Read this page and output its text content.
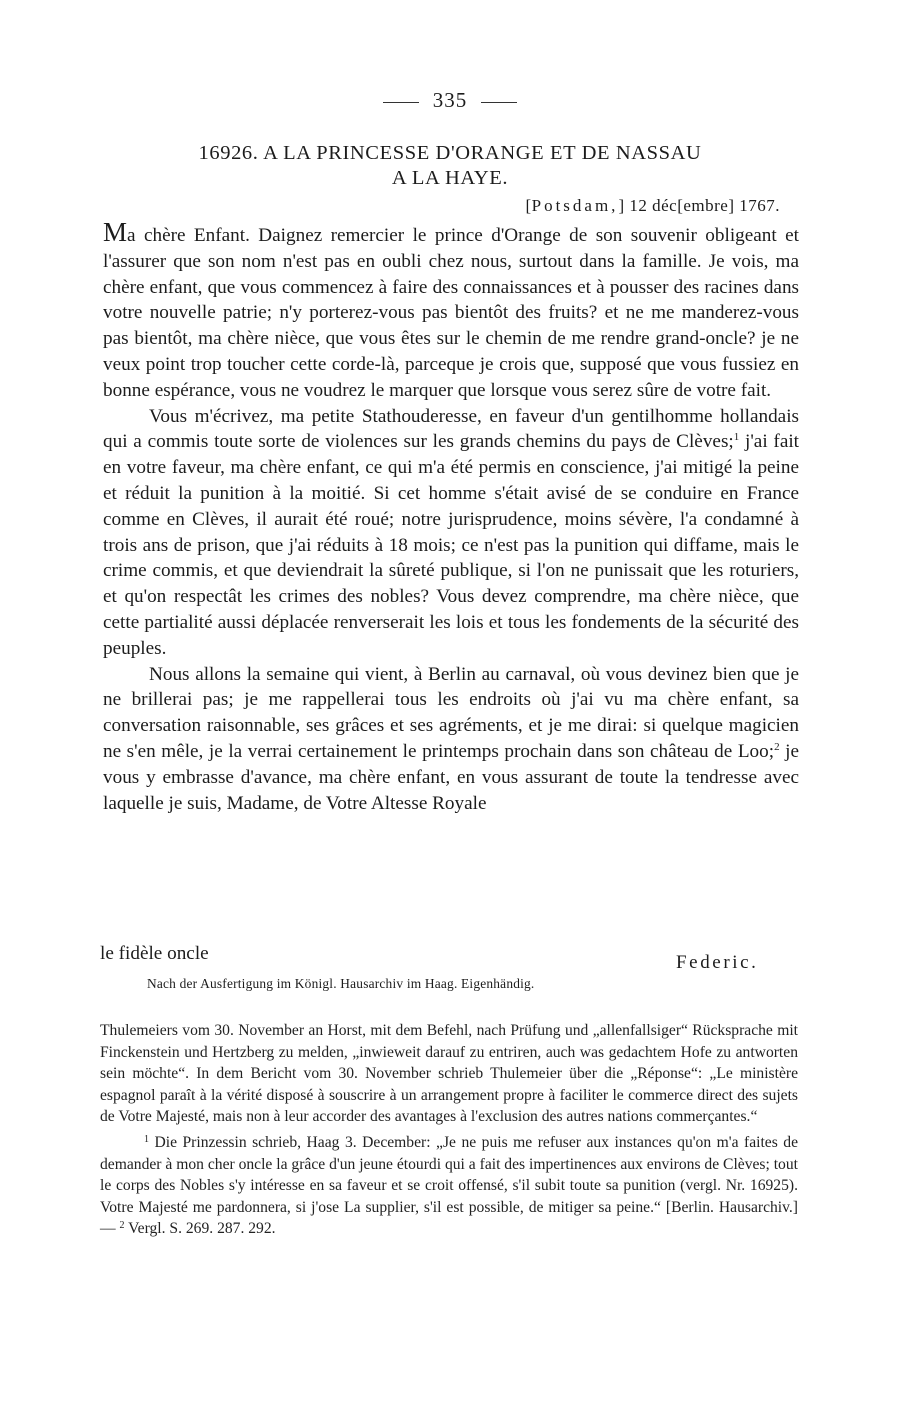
335
16926. A LA PRINCESSE D'ORANGE ET DE NASSAU
A LA HAYE.
[Potsdam,] 12 déc[embre] 1767.

Ma chère Enfant. Daignez remercier le prince d'Orange de son souvenir obligeant et l'assurer que son nom n'est pas en oubli chez nous, surtout dans la famille. Je vois, ma chère enfant, que vous commencez à faire des connaissances et à pousser des racines dans votre nouvelle patrie; n'y porterez-vous pas bientôt des fruits? et ne me manderez-vous pas bientôt, ma chère nièce, que vous êtes sur le chemin de me rendre grand-oncle? je ne veux point trop toucher cette corde-là, parceque je crois que, supposé que vous fussiez en bonne espérance, vous ne voudrez le marquer que lorsque vous serez sûre de votre fait.

Vous m'écrivez, ma petite Stathouderesse, en faveur d'un gentilhomme hollandais qui a commis toute sorte de violences sur les grands chemins du pays de Clèves;$^1$ j'ai fait en votre faveur, ma chère enfant, ce qui m'a été permis en conscience, j'ai mitigé la peine et réduit la punition à la moitié. Si cet homme s'était avisé de se conduire en France comme en Clèves, il aurait été roué; notre jurisprudence, moins sévère, l'a condamné à trois ans de prison, que j'ai réduits à 18 mois; ce n'est pas la punition qui diffame, mais le crime commis, et que deviendrait la sûreté publique, si l'on ne punissait que les roturiers, et qu'on respectât les crimes des nobles? Vous devez comprendre, ma chère nièce, que cette partialité aussi déplacée renverserait les lois et tous les fondements de la sécurité des peuples.

Nous allons la semaine qui vient, à Berlin au carnaval, où vous devinez bien que je ne brillerai pas; je me rappellerai tous les endroits où j'ai vu ma chère enfant, sa conversation raisonnable, ses grâces et ses agréments, et je me dirai: si quelque magicien ne s'en mêle, je la verrai certainement le printemps prochain dans son château de Loo;$^2$ je vous y embrasse d'avance, ma chère enfant, en vous assurant de toute la tendresse avec laquelle je suis, Madame, de Votre Altesse Royale

le fidèle oncle	Federic.
Nach der Ausfertigung im Königl. Hausarchiv im Haag. Eigenhändig.

Thulemeiers vom 30. November an Horst, mit dem Befehl, nach Prüfung und „allenfallsiger“ Rücksprache mit Finckenstein und Hertzberg zu melden, „inwieweit darauf zu entriren, auch was gedachtem Hofe zu antworten sein möchte“. In dem Bericht vom 30. November schrieb Thulemeier über die „Réponse“: „Le ministère espagnol paraît à la vérité disposé à souscrire à un arrangement propre à faciliter le commerce direct des sujets de Votre Majesté, mais non à leur accorder des avantages à l'exclusion des autres nations commerçantes.“

$^1$ Die Prinzessin schrieb, Haag 3. December: „Je ne puis me refuser aux instances qu'on m'a faites de demander à mon cher oncle la grâce d'un jeune étourdi qui a fait des impertinences aux environs de Clèves; tout le corps des Nobles s'y intéresse en sa faveur et se croit offensé, s'il subit toute sa punition (vergl. Nr. 16925). Votre Majesté me pardonnera, si j'ose La supplier, s'il est possible, de mitiger sa peine.“ [Berlin. Hausarchiv.] — $^2$ Vergl. S. 269. 287. 292.
